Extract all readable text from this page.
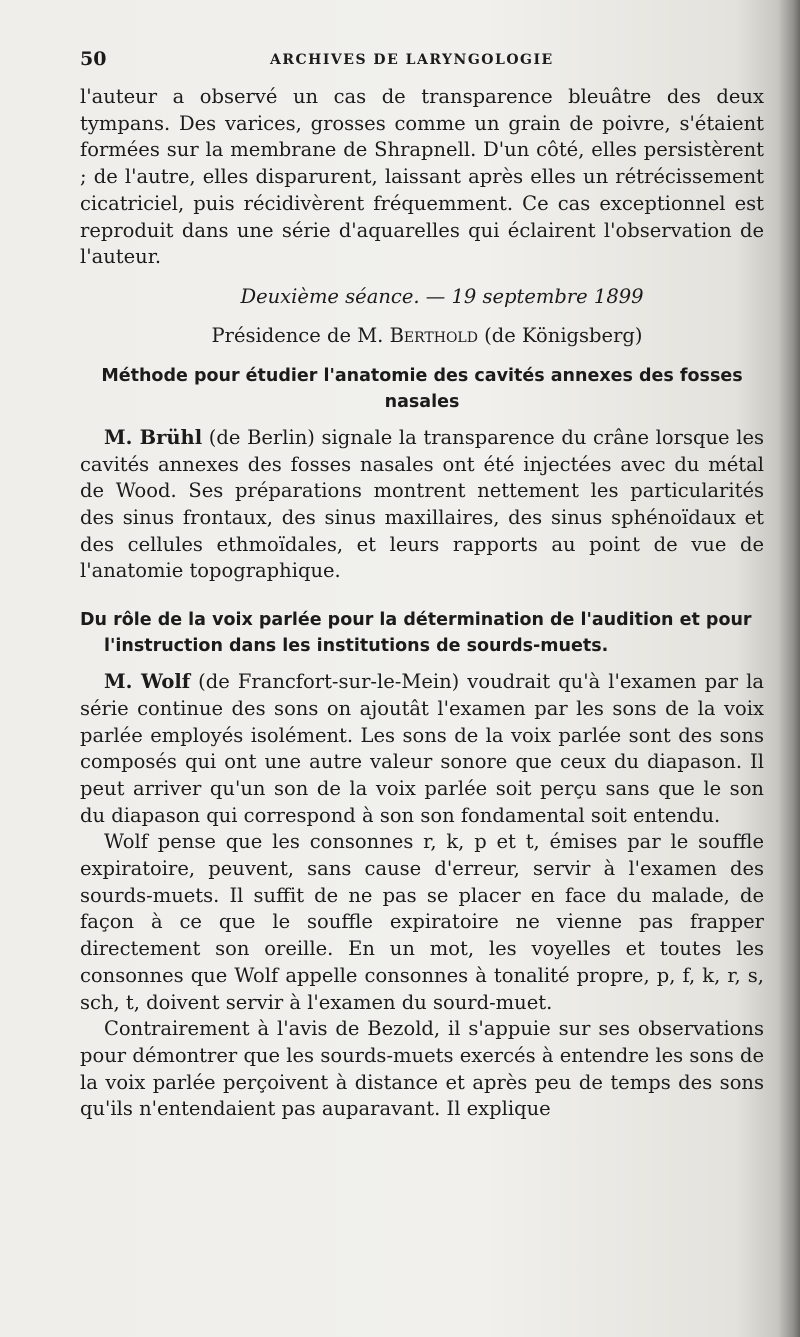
50	ARCHIVES DE LARYNGOLOGIE

l'auteur a observé un cas de transparence bleuâtre des deux tympans. Des varices, grosses comme un grain de poivre, s'étaient formées sur la membrane de Shrapnell. D'un côté, elles persistèrent ; de l'autre, elles disparurent, laissant après elles un rétrécissement cicatriciel, puis récidivèrent fréquemment. Ce cas exceptionnel est reproduit dans une série d'aquarelles qui éclairent l'observation de l'auteur.

Deuxième séance. — 19 septembre 1899

Présidence de M. Berthold (de Königsberg)

Méthode pour étudier l'anatomie des cavités annexes des fosses nasales

M. Brühl (de Berlin) signale la transparence du crâne lorsque les cavités annexes des fosses nasales ont été injectées avec du métal de Wood. Ses préparations montrent nettement les particularités des sinus frontaux, des sinus maxillaires, des sinus sphénoïdaux et des cellules ethmoïdales, et leurs rapports au point de vue de l'anatomie topographique.

Du rôle de la voix parlée pour la détermination de l'audition et pour l'instruction dans les institutions de sourds-muets.

M. Wolf (de Francfort-sur-le-Mein) voudrait qu'à l'examen par la série continue des sons on ajoutât l'examen par les sons de la voix parlée employés isolément. Les sons de la voix parlée sont des sons composés qui ont une autre valeur sonore que ceux du diapason. Il peut arriver qu'un son de la voix parlée soit perçu sans que le son du diapason qui correspond à son son fondamental soit entendu.

Wolf pense que les consonnes r, k, p et t, émises par le souffle expiratoire, peuvent, sans cause d'erreur, servir à l'examen des sourds-muets. Il suffit de ne pas se placer en face du malade, de façon à ce que le souffle expiratoire ne vienne pas frapper directement son oreille. En un mot, les voyelles et toutes les consonnes que Wolf appelle consonnes à tonalité propre, p, f, k, r, s, sch, t, doivent servir à l'examen du sourd-muet.

Contrairement à l'avis de Bezold, il s'appuie sur ses observations pour démontrer que les sourds-muets exercés à entendre les sons de la voix parlée perçoivent à distance et après peu de temps des sons qu'ils n'entendaient pas auparavant. Il explique
